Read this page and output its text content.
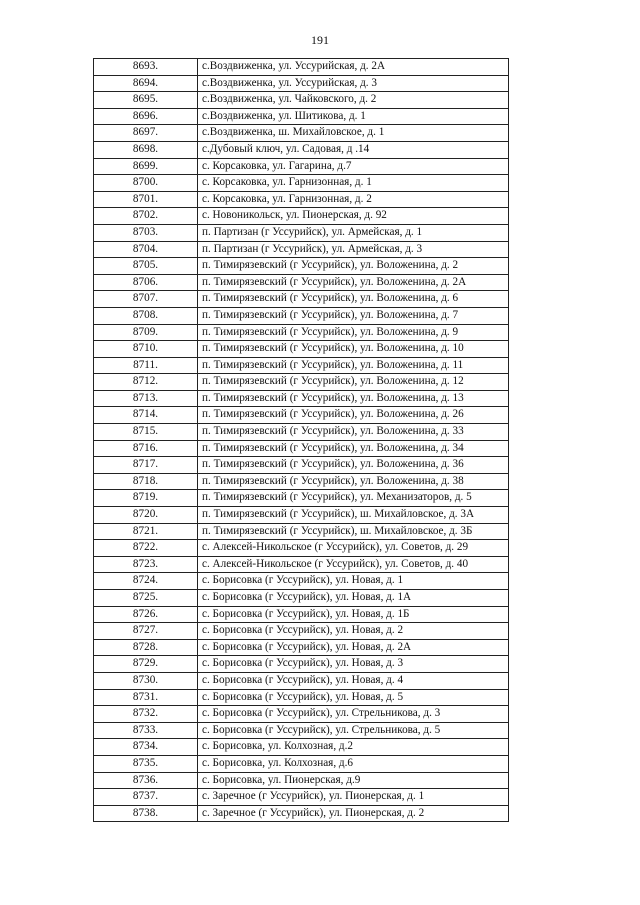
191
8693.	с.Воздвиженка, ул. Уссурийская, д. 2А
8694.	с.Воздвиженка, ул. Уссурийская, д. 3
8695.	с.Воздвиженка, ул. Чайковского, д. 2
8696.	с.Воздвиженка, ул. Шитикова, д. 1
8697.	с.Воздвиженка, ш. Михайловское, д. 1
8698.	с.Дубовый ключ, ул. Садовая, д .14
8699.	с. Корсаковка, ул. Гагарина, д.7
8700.	с. Корсаковка, ул. Гарнизонная, д. 1
8701.	с. Корсаковка, ул. Гарнизонная, д. 2
8702.	с. Новоникольск, ул. Пионерская, д. 92
8703.	п. Партизан (г Уссурийск), ул. Армейская, д. 1
8704.	п. Партизан (г Уссурийск), ул. Армейская, д. 3
8705.	п. Тимирязевский (г Уссурийск), ул. Воложенина, д. 2
8706.	п. Тимирязевский (г Уссурийск), ул. Воложенина, д. 2А
8707.	п. Тимирязевский (г Уссурийск), ул. Воложенина, д. 6
8708.	п. Тимирязевский (г Уссурийск), ул. Воложенина, д. 7
8709.	п. Тимирязевский (г Уссурийск), ул. Воложенина, д. 9
8710.	п. Тимирязевский (г Уссурийск), ул. Воложенина, д. 10
8711.	п. Тимирязевский (г Уссурийск), ул. Воложенина, д. 11
8712.	п. Тимирязевский (г Уссурийск), ул. Воложенина, д. 12
8713.	п. Тимирязевский (г Уссурийск), ул. Воложенина, д. 13
8714.	п. Тимирязевский (г Уссурийск), ул. Воложенина, д. 26
8715.	п. Тимирязевский (г Уссурийск), ул. Воложенина, д. 33
8716.	п. Тимирязевский (г Уссурийск), ул. Воложенина, д. 34
8717.	п. Тимирязевский (г Уссурийск), ул. Воложенина, д. 36
8718.	п. Тимирязевский (г Уссурийск), ул. Воложенина, д. 38
8719.	п. Тимирязевский (г Уссурийск), ул. Механизаторов, д. 5
8720.	п. Тимирязевский (г Уссурийск), ш. Михайловское, д. 3А
8721.	п. Тимирязевский (г Уссурийск), ш. Михайловское, д. 3Б
8722.	с. Алексей-Никольское (г Уссурийск), ул. Советов, д. 29
8723.	с. Алексей-Никольское (г Уссурийск), ул. Советов, д. 40
8724.	с. Борисовка (г Уссурийск), ул. Новая, д. 1
8725.	с. Борисовка (г Уссурийск), ул. Новая, д. 1А
8726.	с. Борисовка (г Уссурийск), ул. Новая, д. 1Б
8727.	с. Борисовка (г Уссурийск), ул. Новая, д. 2
8728.	с. Борисовка (г Уссурийск), ул. Новая, д. 2А
8729.	с. Борисовка (г Уссурийск), ул. Новая, д. 3
8730.	с. Борисовка (г Уссурийск), ул. Новая, д. 4
8731.	с. Борисовка (г Уссурийск), ул. Новая, д. 5
8732.	с. Борисовка (г Уссурийск), ул. Стрельникова, д. 3
8733.	с. Борисовка (г Уссурийск), ул. Стрельникова, д. 5
8734.	с. Борисовка, ул. Колхозная, д.2
8735.	с. Борисовка, ул. Колхозная, д.6
8736.	с. Борисовка, ул. Пионерская, д.9
8737.	с. Заречное (г Уссурийск), ул. Пионерская, д. 1
8738.	с. Заречное (г Уссурийск), ул. Пионерская, д. 2
